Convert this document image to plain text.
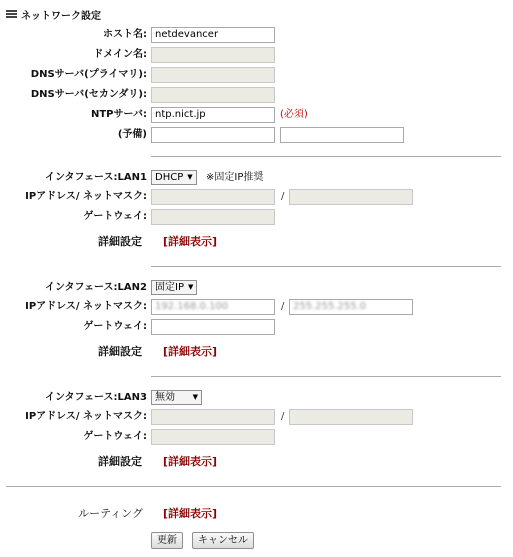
ネットワーク設定
ホスト名: netdevancer
ドメイン名:
DNSサーバ(プライマリ):
DNSサーバ(セカンダリ):
NTPサーバ: ntp.nict.jp	(必須)
(予備)
インタフェース:LAN1 DHCP ▼ ※固定IP推奨
IPアドレス/ ネットマスク:	/
ゲートウェイ:
詳細設定 [詳細表示]
インタフェース:LAN2 固定IP ▼
IPアドレス/ ネットマスク: 192.168.0.100	/ 255.255.255.0
ゲートウェイ:
詳細設定 [詳細表示]
インタフェース:LAN3 無効	▼
IPアドレス/ ネットマスク:	/
ゲートウェイ:
詳細設定 [詳細表示]
ルーティング [詳細表示]
更新	キャンセル
